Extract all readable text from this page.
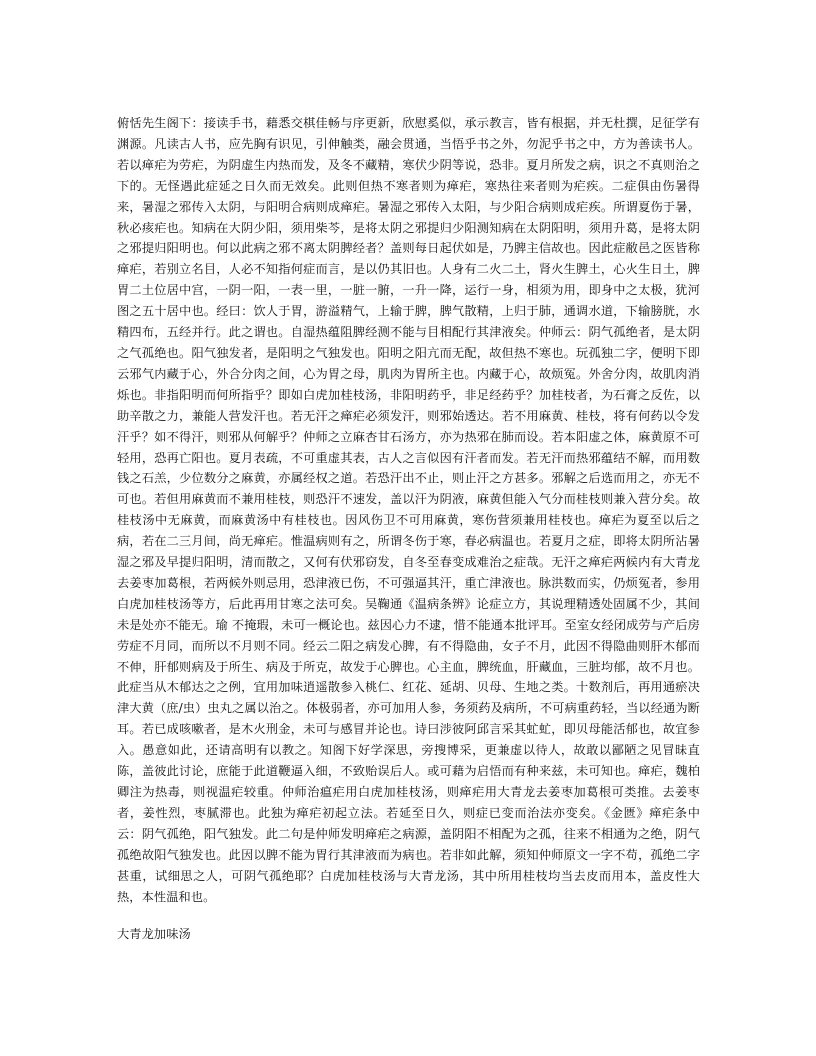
俯恬先生阁下：接读手书，藉悉交棋佳畅与序更新，欣慰奚似，承示教言，皆有根据，并无杜撰，足征学有渊源。凡读古人书，应先胸有识见，引伸触类，融会贯通，当悟乎书之外，勿泥乎书之中，方为善读书人。若以瘅疟为劳疟，为阴虚生内热而发，及冬不藏精，寒伏少阴等说，恐非。夏月所发之病，识之不真则治之下的。无怪遇此症延之日久而无效矣。此则但热不寒者则为瘅疟，寒热往来者则为疟疾。二症俱由伤暑得来，暑湿之邪传入太阴，与阳明合病则成瘅疟。暑湿之邪传入太阳，与少阳合病则成疟疾。所谓夏伤于暑，秋必痎疟也。知病在大阴少阳，须用柴芩，是将太阴之邪提归少阳测知病在太阴阳明，须用升葛，是将太阴之邪提归阳明也。何以此病之邪不离太阴脾经者？盖则每日起伏如是，乃脾主信故也。因此症敝邑之医皆称瘅疟，若别立名目，人必不知指何症而言，是以仍其旧也。人身有二火二土，肾火生脾土，心火生日土，脾胃二土位居中宫，一阴一阳，一表一里，一脏一腑，一升一降，运行一身，相须为用，即身中之太极，犹河图之五十居中也。经曰：饮人于胃，游溢精气，上输于脾，脾气散精，上归于肺，通调水道，下输膀胱，水精四布，五经并行。此之谓也。自湿热蕴阻脾经测不能与目相配行其津液矣。仲师云：阴气孤绝者，是太阴之气孤绝也。阳气独发者，是阳明之气独发也。阳明之阳亢而无配，故但热不寒也。玩孤独二字，便明下即云邪气内藏于心，外合分肉之间，心为胃之母，肌肉为胃所主也。内藏于心，故烦冤。外舍分肉，故肌肉消烁也。非指阳明而何所指乎？即如白虎加桂枝汤，非阳明药乎，非足经药乎？加桂枝者，为石膏之反佐，以助辛散之力，兼能人营发汗也。若无汗之瘅疟必须发汗，则邪始透达。若不用麻黄、桂枝，将有何药以令发汗乎？如不得汗，则邪从何解乎？仲师之立麻杏甘石汤方，亦为热邪在肺而设。若本阳虚之体，麻黄原不可轻用，恐再亡阳也。夏月表疏，不可重虚其表，古人之言似因有汗者而发。若无汗而热邪蕴结不解，而用数钱之石羔，少位数分之麻黄，亦属经权之道。若恐汗出不止，则止汗之方甚多。邪解之后选而用之，亦无不可也。若但用麻黄而不兼用桂枝，则恐汗不速发，盖以汗为阴液，麻黄但能入气分而桂枝则兼入营分矣。故桂枝汤中无麻黄，而麻黄汤中有桂枝也。因风伤卫不可用麻黄，寒伤营须兼用桂枝也。瘅疟为夏至以后之病，若在二三月间，尚无瘅疟。惟温病则有之，所谓冬伤于寒，春必病温也。若夏月之症，即将太阴所沾暑湿之邪及早提归阳明，清而散之，又何有伏邪窃发，自冬至春变成难治之症哉。无汗之瘅疟两候内有大青龙去姜枣加葛根，若两候外则忌用，恐津液已伤，不可强逼其汗，重亡津液也。脉洪数而实，仍烦冤者，参用白虎加桂枝汤等方，后此再用甘寒之法可矣。吴鞠通《温病条辨》论症立方，其说理精透处固属不少，其间未是处亦不能无。瑜 不掩瑕，未可一概论也。兹因心力不逮，惜不能通本批评耳。至室女经闭成劳与产后房劳症不月同，而所以不月则不同。经云二阳之病发心脾，有不得隐曲，女子不月，此因不得隐曲则肝木郁而不伸，肝郁则病及于所生、病及于所克，故发于心脾也。心主血，脾统血，肝藏血，三脏均郁，故不月也。此症当从木郁达之之例，宜用加味逍遥散参入桃仁、红花、延胡、贝母、生地之类。十数剂后，再用通瘀决津大黄（庶/虫）虫丸之属以治之。体极弱者，亦可加用人参，务须药及病所，不可病重药轻，当以经通为断耳。若已成咳嗽者，是木火刑金，未可与感冒并论也。诗曰涉彼阿邱言采其虻虻，即贝母能活郁也，故宜参入。愚意如此，还请高明有以教之。知阁下好学深思，旁搜博采，更兼虚以待人，故敢以鄙陋之见冒昧直陈，盖彼此讨论，庶能于此道鞭逼入细，不致贻误后人。或可藉为启悟而有种来兹，未可知也。瘅疟，魏柏卿注为热毒，则视温疟较重。仲师治瘟疟用白虎加桂枝汤，则瘅疟用大青龙去姜枣加葛根可类推。去姜枣者，姜性烈，枣腻滞也。此独为瘅疟初起立法。若延至日久，则症已变而治法亦变矣。《金匮》瘅疟条中云：阴气孤绝，阳气独发。此二句是仲师发明瘅疟之病源，盖阴阳不相配为之孤，往来不相通为之绝，阴气孤绝故阳气独发也。此因以脾不能为胃行其津液而为病也。若非如此解，须知仲师原文一字不苟，孤绝二字甚重，试细思之人，可阴气孤绝耶？白虎加桂枝汤与大青龙汤，其中所用桂枝均当去皮而用本，盖皮性大热，本性温和也。

大青龙加味汤
